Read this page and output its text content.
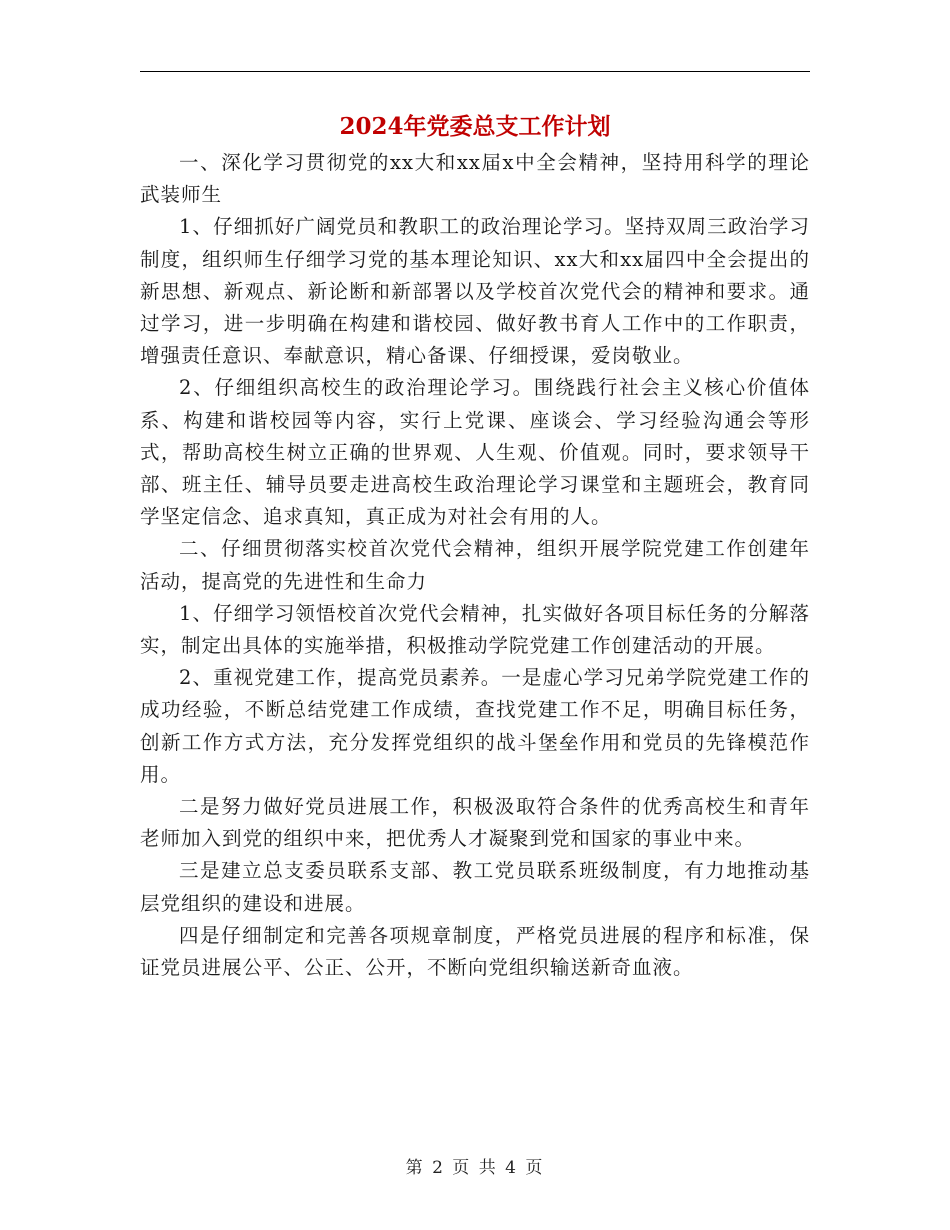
2024年党委总支工作计划

一、深化学习贯彻党的xx大和xx届x中全会精神，坚持用科学的理论武装师生

1、仔细抓好广阔党员和教职工的政治理论学习。坚持双周三政治学习制度，组织师生仔细学习党的基本理论知识、xx大和xx届四中全会提出的新思想、新观点、新论断和新部署以及学校首次党代会的精神和要求。通过学习，进一步明确在构建和谐校园、做好教书育人工作中的工作职责，增强责任意识、奉献意识，精心备课、仔细授课，爱岗敬业。

2、仔细组织高校生的政治理论学习。围绕践行社会主义核心价值体系、构建和谐校园等内容，实行上党课、座谈会、学习经验沟通会等形式，帮助高校生树立正确的世界观、人生观、价值观。同时，要求领导干部、班主任、辅导员要走进高校生政治理论学习课堂和主题班会，教育同学坚定信念、追求真知，真正成为对社会有用的人。

二、仔细贯彻落实校首次党代会精神，组织开展学院党建工作创建年活动，提高党的先进性和生命力

1、仔细学习领悟校首次党代会精神，扎实做好各项目标任务的分解落实，制定出具体的实施举措，积极推动学院党建工作创建活动的开展。

2、重视党建工作，提高党员素养。一是虚心学习兄弟学院党建工作的成功经验，不断总结党建工作成绩，查找党建工作不足，明确目标任务，创新工作方式方法，充分发挥党组织的战斗堡垒作用和党员的先锋模范作用。

二是努力做好党员进展工作，积极汲取符合条件的优秀高校生和青年老师加入到党的组织中来，把优秀人才凝聚到党和国家的事业中来。

三是建立总支委员联系支部、教工党员联系班级制度，有力地推动基层党组织的建设和进展。

四是仔细制定和完善各项规章制度，严格党员进展的程序和标准，保证党员进展公平、公正、公开，不断向党组织输送新奇血液。

第 2 页 共 4 页
